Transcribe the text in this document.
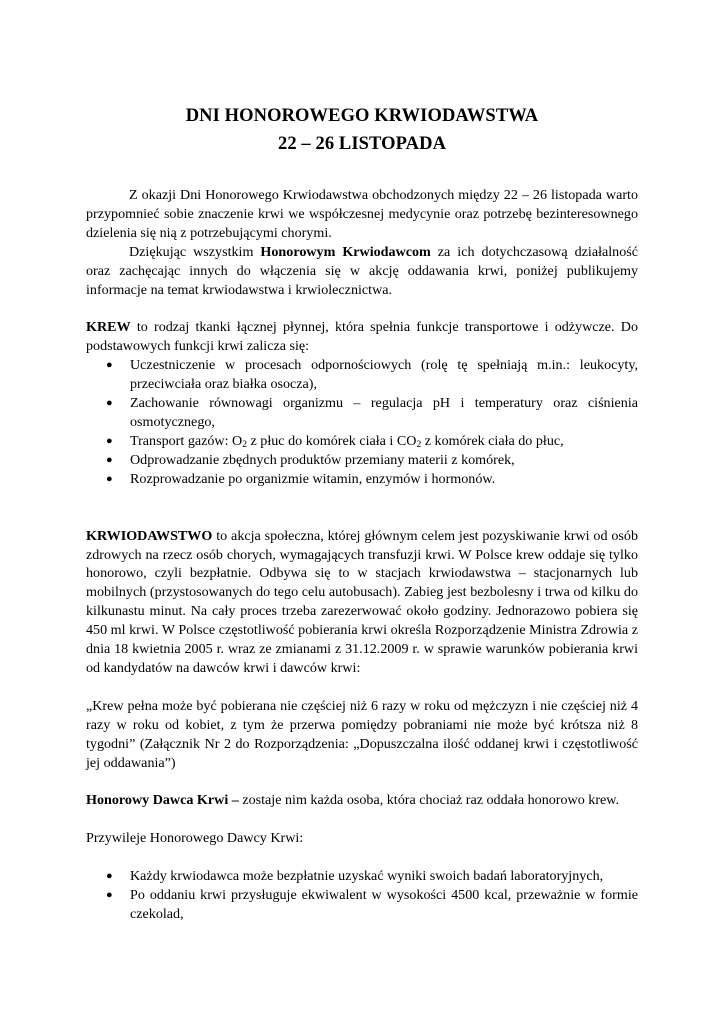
DNI HONOROWEGO KRWIODAWSTWA
22 – 26 LISTOPADA

Z okazji Dni Honorowego Krwiodawstwa obchodzonych między 22 – 26 listopada warto przypomnieć sobie znaczenie krwi we współczesnej medycynie oraz potrzebę bezinteresownego dzielenia się nią z potrzebującymi chorymi.

Dziękując wszystkim Honorowym Krwiodawcom za ich dotychczasową działalność oraz zachęcając innych do włączenia się w akcję oddawania krwi, poniżej publikujemy informacje na temat krwiodawstwa i krwiolecznictwa.

KREW to rodzaj tkanki łącznej płynnej, która spełnia funkcje transportowe i odżywcze. Do podstawowych funkcji krwi zalicza się:

● Uczestniczenie w procesach odpornościowych (rolę tę spełniają m.in.: leukocyty, przeciwciała oraz białka osocza),
● Zachowanie równowagi organizmu – regulacja pH i temperatury oraz ciśnienia osmotycznego,
● Transport gazów: $O_2$ z płuc do komórek ciała i $CO_2$ z komórek ciała do płuc,
● Odprowadzanie zbędnych produktów przemiany materii z komórek,
● Rozprowadzanie po organizmie witamin, enzymów i hormonów.

KRWIODAWSTWO to akcja społeczna, której głównym celem jest pozyskiwanie krwi od osób zdrowych na rzecz osób chorych, wymagających transfuzji krwi. W Polsce krew oddaje się tylko honorowo, czyli bezpłatnie. Odbywa się to w stacjach krwiodawstwa – stacjonarnych lub mobilnych (przystosowanych do tego celu autobusach). Zabieg jest bezbolesny i trwa od kilku do kilkunastu minut. Na cały proces trzeba zarezerwować około godziny. Jednorazowo pobiera się 450 ml krwi. W Polsce częstotliwość pobierania krwi określa Rozporządzenie Ministra Zdrowia z dnia 18 kwietnia 2005 r. wraz ze zmianami z 31.12.2009 r. w sprawie warunków pobierania krwi od kandydatów na dawców krwi i dawców krwi:

„Krew pełna może być pobierana nie częściej niż 6 razy w roku od mężczyzn i nie częściej niż 4 razy w roku od kobiet, z tym że przerwa pomiędzy pobraniami nie może być krótsza niż 8 tygodni” (Załącznik Nr 2 do Rozporządzenia: „Dopuszczalna ilość oddanej krwi i częstotliwość jej oddawania”)

Honorowy Dawca Krwi – zostaje nim każda osoba, która chociaż raz oddała honorowo krew.

Przywileje Honorowego Dawcy Krwi:

● Każdy krwiodawca może bezpłatnie uzyskać wyniki swoich badań laboratoryjnych,
● Po oddaniu krwi przysługuje ekwiwalent w wysokości 4500 kcal, przeważnie w formie czekolad,
